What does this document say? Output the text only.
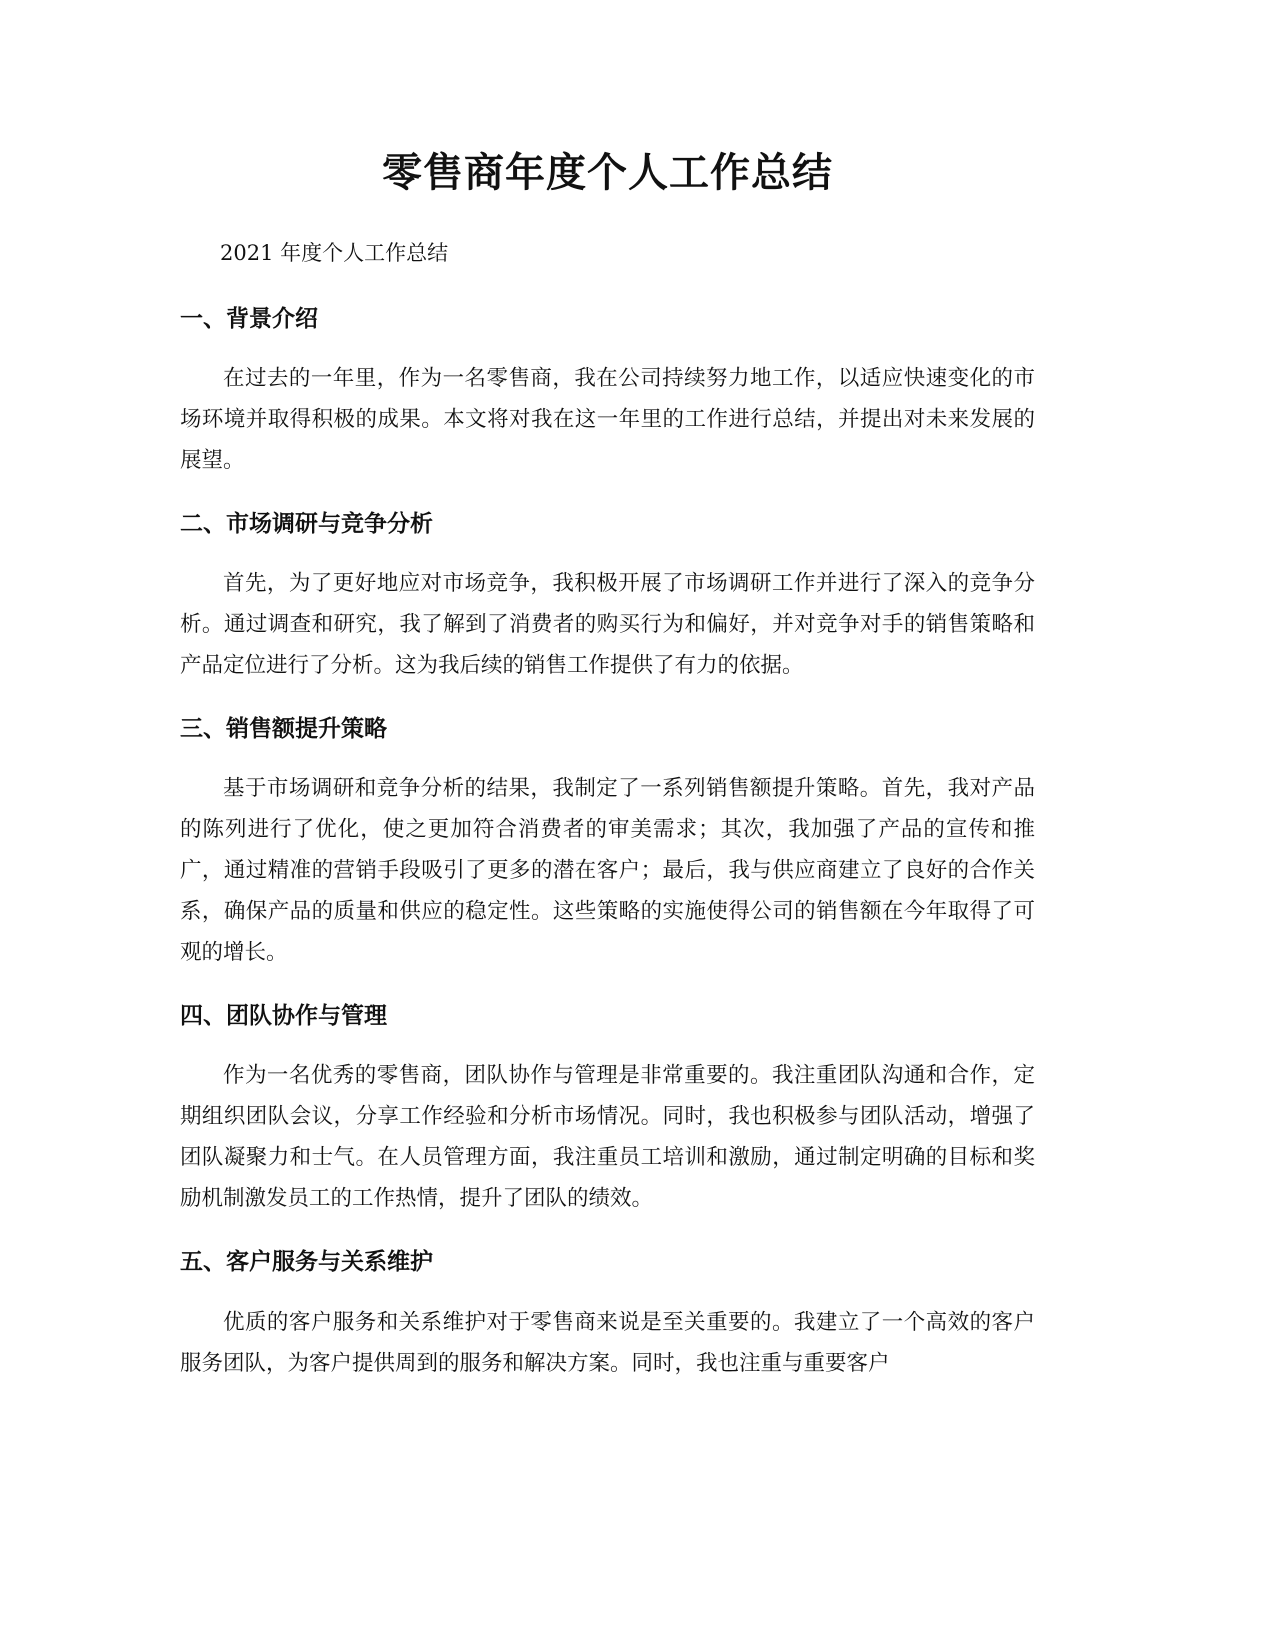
零售商年度个人工作总结

2021 年度个人工作总结

一、背景介绍

在过去的一年里，作为一名零售商，我在公司持续努力地工作，以适应快速变化的市场环境并取得积极的成果。本文将对我在这一年里的工作进行总结，并提出对未来发展的展望。

二、市场调研与竞争分析

首先，为了更好地应对市场竞争，我积极开展了市场调研工作并进行了深入的竞争分析。通过调查和研究，我了解到了消费者的购买行为和偏好，并对竞争对手的销售策略和产品定位进行了分析。这为我后续的销售工作提供了有力的依据。

三、销售额提升策略

基于市场调研和竞争分析的结果，我制定了一系列销售额提升策略。首先，我对产品的陈列进行了优化，使之更加符合消费者的审美需求；其次，我加强了产品的宣传和推广，通过精准的营销手段吸引了更多的潜在客户；最后，我与供应商建立了良好的合作关系，确保产品的质量和供应的稳定性。这些策略的实施使得公司的销售额在今年取得了可观的增长。

四、团队协作与管理

作为一名优秀的零售商，团队协作与管理是非常重要的。我注重团队沟通和合作，定期组织团队会议，分享工作经验和分析市场情况。同时，我也积极参与团队活动，增强了团队凝聚力和士气。在人员管理方面，我注重员工培训和激励，通过制定明确的目标和奖励机制激发员工的工作热情，提升了团队的绩效。

五、客户服务与关系维护

优质的客户服务和关系维护对于零售商来说是至关重要的。我建立了一个高效的客户服务团队，为客户提供周到的服务和解决方案。同时，我也注重与重要客户
